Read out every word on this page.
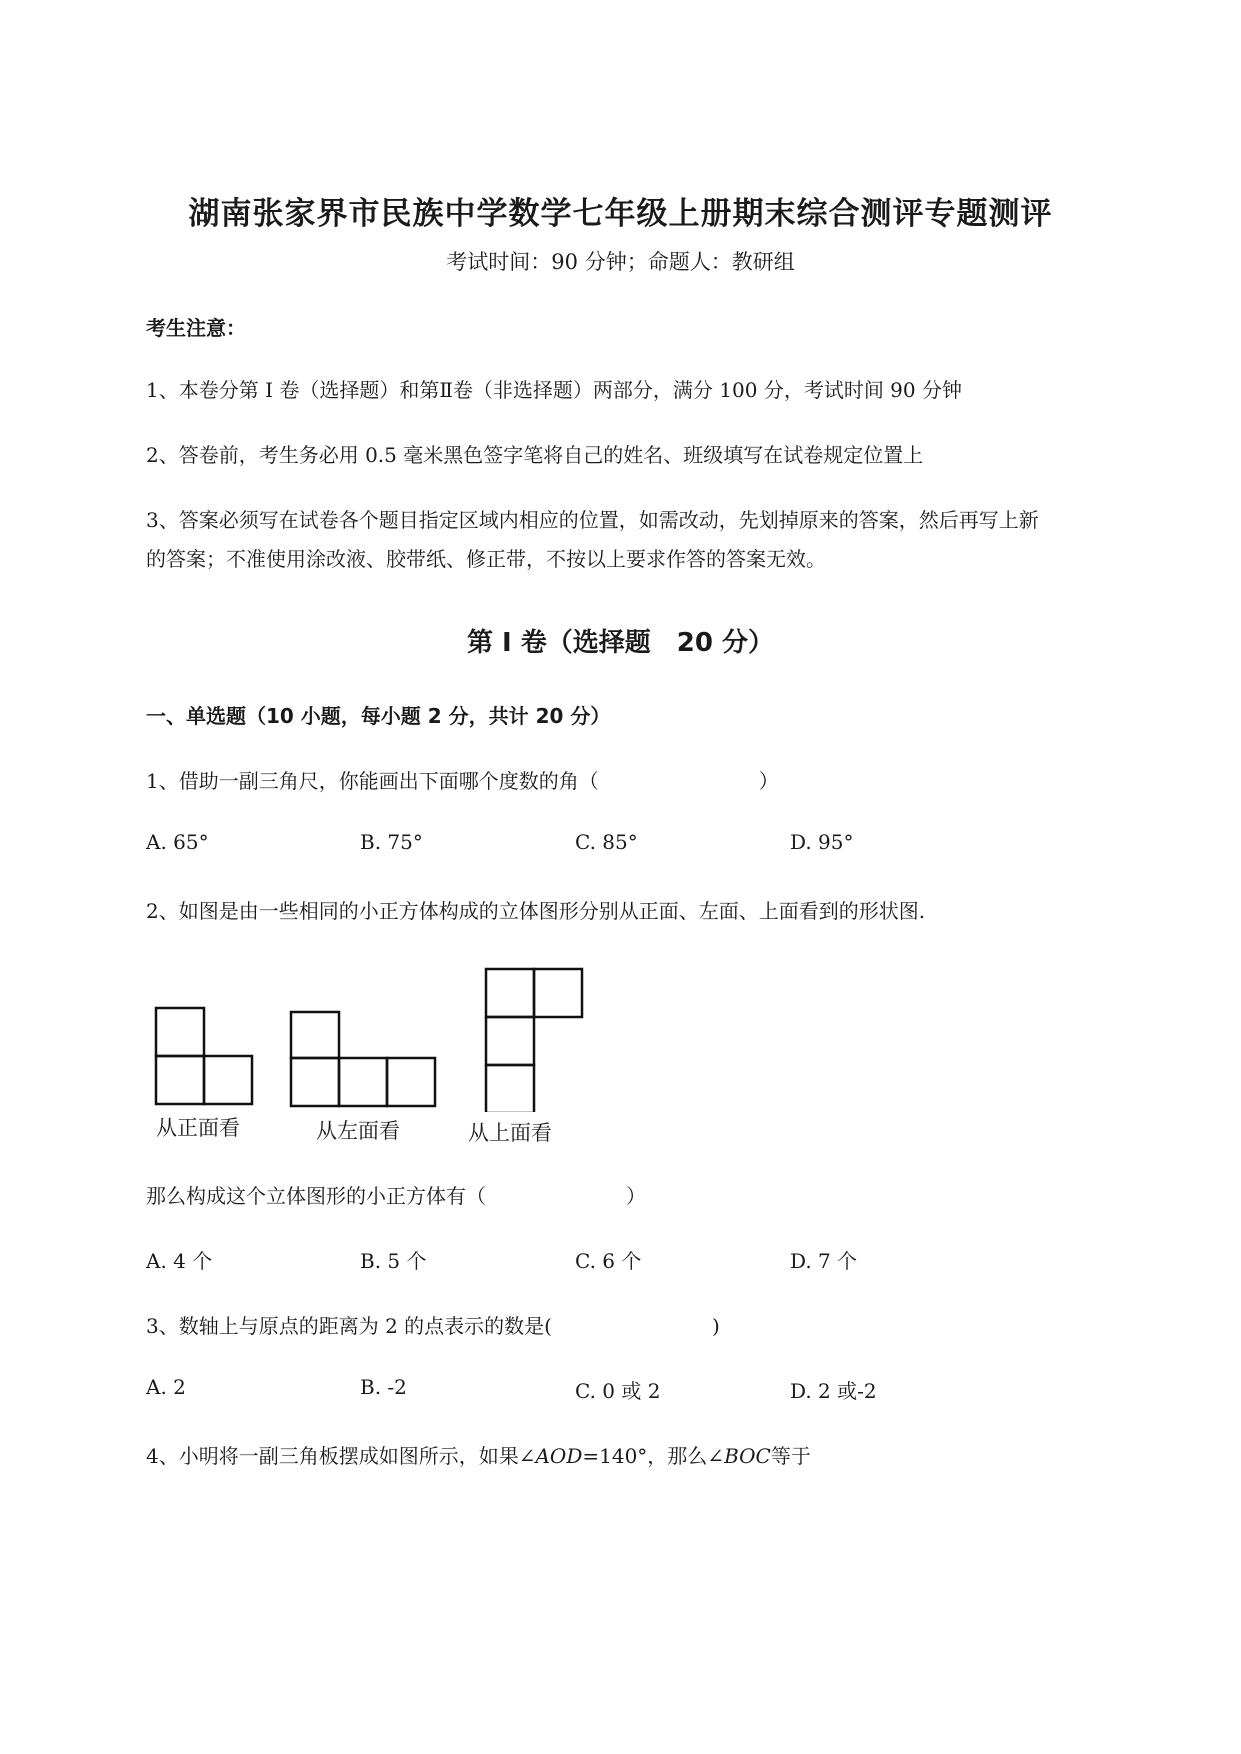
湖南张家界市民族中学数学七年级上册期末综合测评专题测评
考试时间：90 分钟；命题人：教研组
考生注意：
1、本卷分第 I 卷（选择题）和第Ⅱ卷（非选择题）两部分，满分 100 分，考试时间 90 分钟
2、答卷前，考生务必用 0.5 毫米黑色签字笔将自己的姓名、班级填写在试卷规定位置上
3、答案必须写在试卷各个题目指定区域内相应的位置，如需改动，先划掉原来的答案，然后再写上新
的答案；不准使用涂改液、胶带纸、修正带，不按以上要求作答的答案无效。
第 I 卷（选择题　20 分）
一、单选题（10 小题，每小题 2 分，共计 20 分）
1、借助一副三角尺，你能画出下面哪个度数的角（　　　　　　　　）
A. 65°	B. 75°	C. 85°	D. 95°
2、如图是由一些相同的小正方体构成的立体图形分别从正面、左面、上面看到的形状图.
从正面看	从左面看	从上面看
那么构成这个立体图形的小正方体有（　　　　　　　）
A. 4 个	B. 5 个	C. 6 个	D. 7 个
3、数轴上与原点的距离为 2 的点表示的数是(　　　　　　　　)
A. 2	B. -2	C. 0 或 2	D. 2 或-2
4、小明将一副三角板摆成如图所示，如果∠AOD=140°，那么∠BOC等于
